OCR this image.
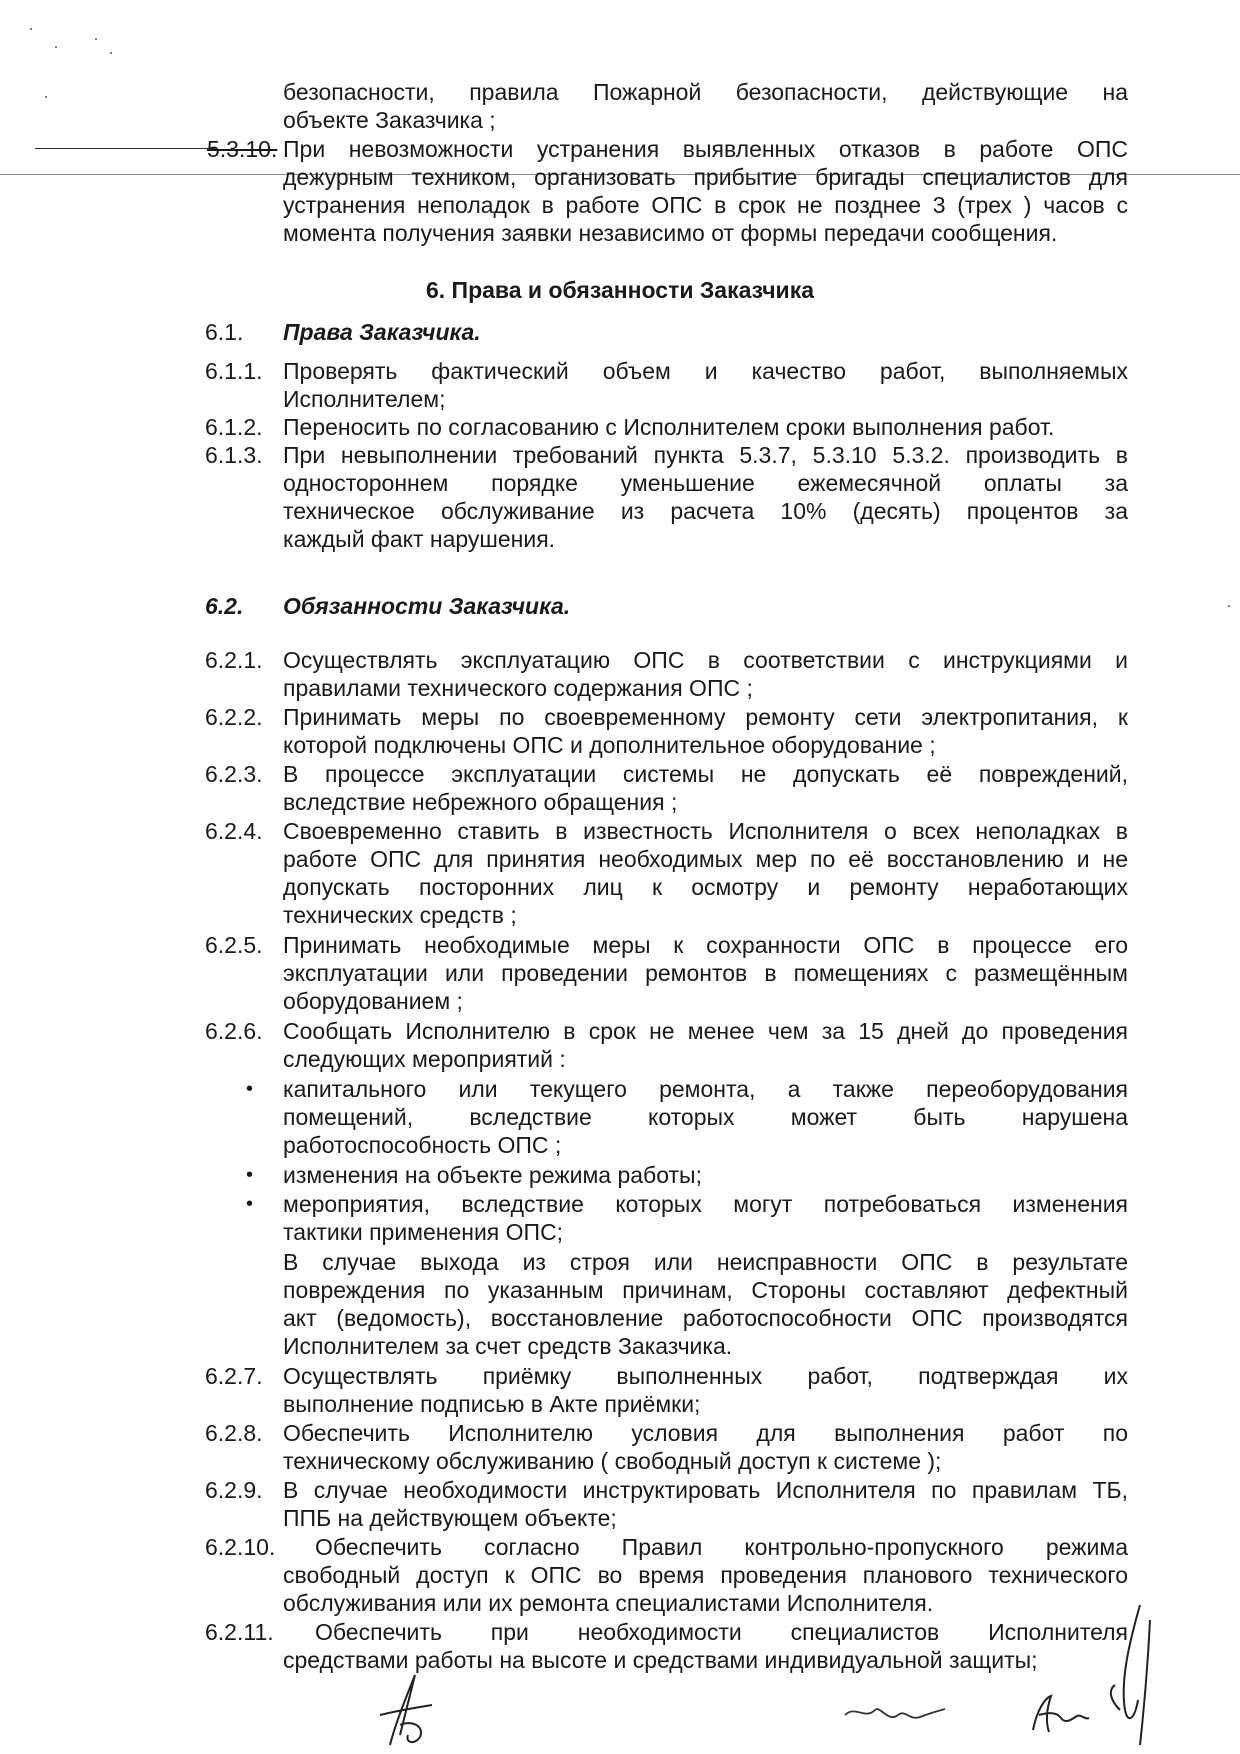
безопасности, правила Пожарной безопасности, действующие на
объекте Заказчика ;
5.3.10. При невозможности устранения выявленных отказов в работе ОПС
дежурным техником, организовать прибытие бригады специалистов для
устранения неполадок в работе ОПС в срок не позднее 3 (трех ) часов с
момента получения заявки независимо от формы передачи сообщения.
6. Права и обязанности Заказчика
6.1. Права Заказчика.
6.1.1. Проверять фактический объем и качество работ, выполняемых
Исполнителем;
6.1.2. Переносить по согласованию с Исполнителем сроки выполнения работ.
6.1.3. При невыполнении требований пункта 5.3.7, 5.3.10 5.3.2. производить в
одностороннем порядке уменьшение ежемесячной оплаты за
техническое обслуживание из расчета 10% (десять) процентов за
каждый факт нарушения.
6.2. Обязанности Заказчика.
6.2.1. Осуществлять эксплуатацию ОПС в соответствии с инструкциями и
правилами технического содержания ОПС ;
6.2.2. Принимать меры по своевременному ремонту сети электропитания, к
которой подключены ОПС и дополнительное оборудование ;
6.2.3. В процессе эксплуатации системы не допускать её повреждений,
вследствие небрежного обращения ;
6.2.4. Своевременно ставить в известность Исполнителя о всех неполадках в
работе ОПС для принятия необходимых мер по её восстановлению и не
допускать посторонних лиц к осмотру и ремонту неработающих
технических средств ;
6.2.5. Принимать необходимые меры к сохранности ОПС в процессе его
эксплуатации или проведении ремонтов в помещениях с размещённым
оборудованием ;
6.2.6. Сообщать Исполнителю в срок не менее чем за 15 дней до проведения
следующих мероприятий :
• капитального или текущего ремонта, а также переоборудования
помещений, вследствие которых может быть нарушена
работоспособность ОПС ;
• изменения на объекте режима работы;
• мероприятия, вследствие которых могут потребоваться изменения
тактики применения ОПС;
В случае выхода из строя или неисправности ОПС в результате
повреждения по указанным причинам, Стороны составляют дефектный
акт (ведомость), восстановление работоспособности ОПС производятся
Исполнителем за счет средств Заказчика.
6.2.7. Осуществлять приёмку выполненных работ, подтверждая их
выполнение подписью в Акте приёмки;
6.2.8. Обеспечить Исполнителю условия для выполнения работ по
техническому обслуживанию ( свободный доступ к системе );
6.2.9. В случае необходимости инструктировать Исполнителя по правилам ТБ,
ППБ на действующем объекте;
6.2.10. Обеспечить согласно Правил контрольно-пропускного режима
свободный доступ к ОПС во время проведения планового технического
обслуживания или их ремонта специалистами Исполнителя.
6.2.11. Обеспечить при необходимости специалистов Исполнителя
средствами работы на высоте и средствами индивидуальной защиты;
